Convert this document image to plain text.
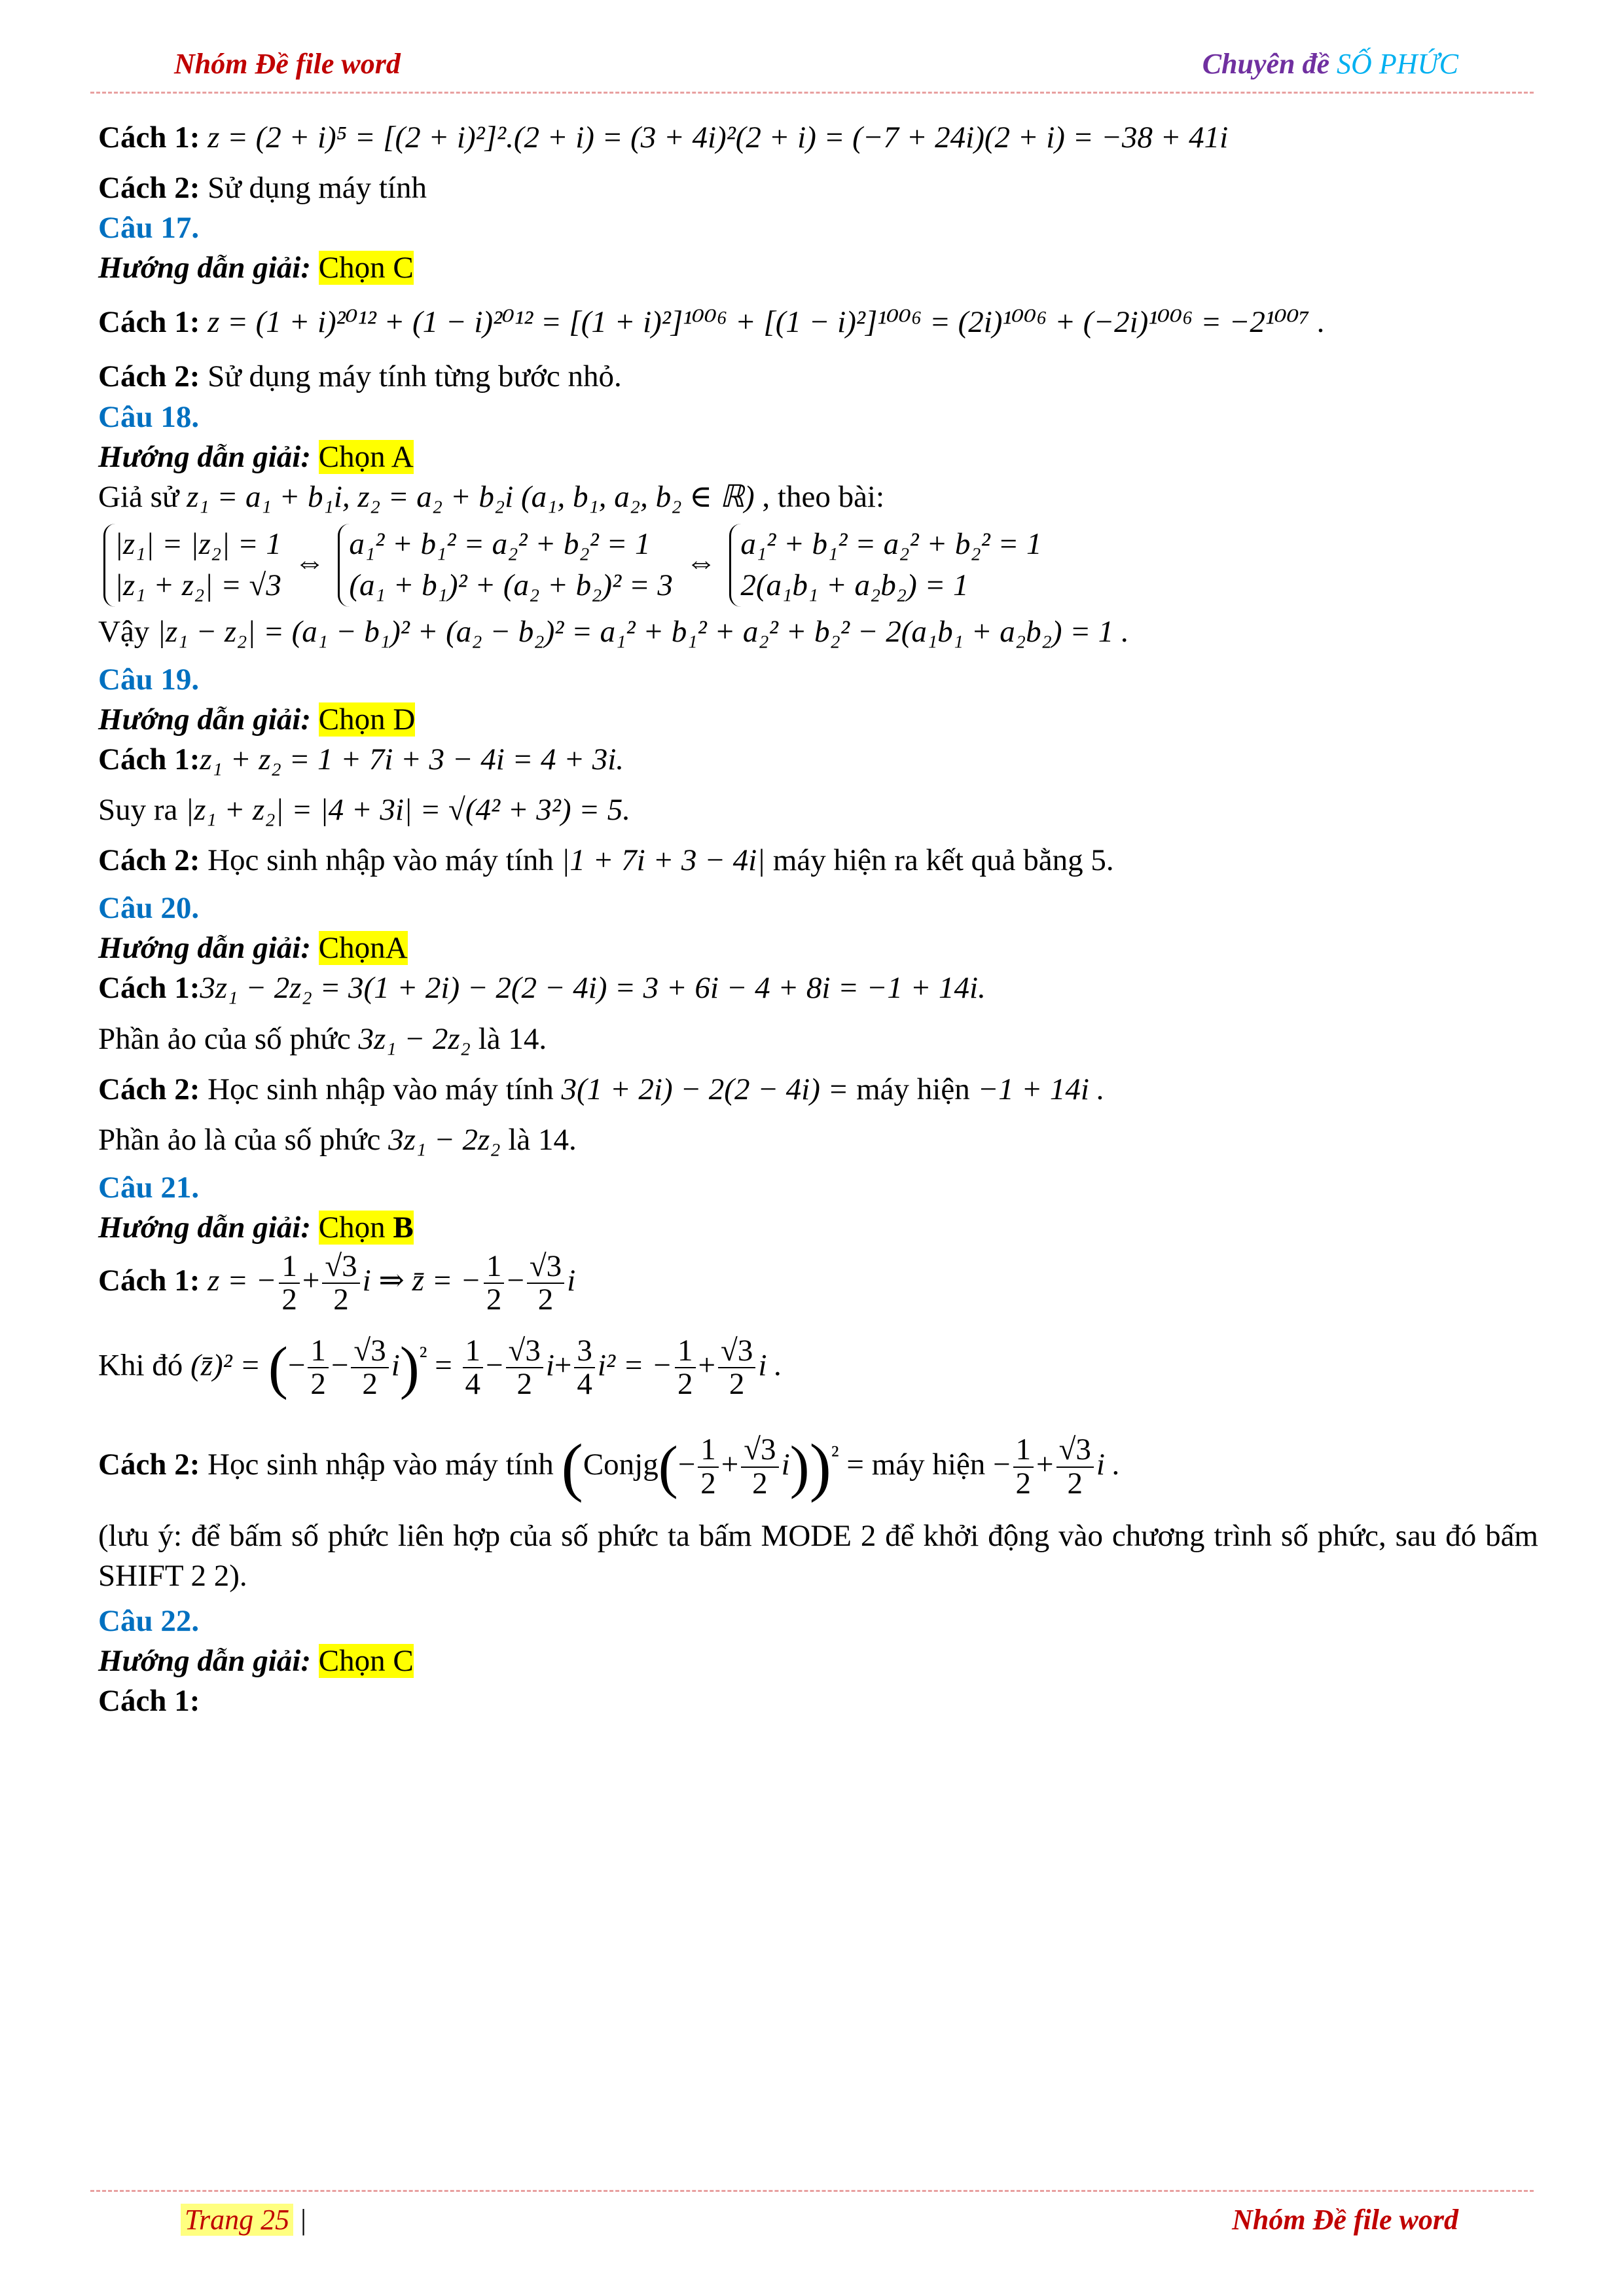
Nhóm Đề file word	Chuyên đề SỐ PHỨC
Cách 1: z = (2 + i)⁵ = [(2 + i)²]².(2 + i) = (3 + 4i)²(2 + i) = (−7 + 24i)(2 + i) = −38 + 41i
Cách 2: Sử dụng máy tính
Câu 17.
Hướng dẫn giải: Chọn C
Cách 1: z = (1 + i)²⁰¹² + (1 − i)²⁰¹² = [(1 + i)²]¹⁰⁰⁶ + [(1 − i)²]¹⁰⁰⁶ = (2i)¹⁰⁰⁶ + (−2i)¹⁰⁰⁶ = −2¹⁰⁰⁷ .
Cách 2: Sử dụng máy tính từng bước nhỏ.
Câu 18.
Hướng dẫn giải: Chọn A
Giả sử z₁ = a₁ + b₁i, z₂ = a₂ + b₂i (a₁, b₁, a₂, b₂ ∈ ℝ) , theo bài:
|z₁| = |z₂| = 1
|z₁ + z₂| = √3 ⇔ a₁² + b₁² = a₂² + b₂² = 1
(a₁ + b₁)² + (a₂ + b₂)² = 3 ⇔ a₁² + b₁² = a₂² + b₂² = 1
2(a₁b₁ + a₂b₂) = 1
Vậy |z₁ − z₂| = (a₁ − b₁)² + (a₂ − b₂)² = a₁² + b₁² + a₂² + b₂² − 2(a₁b₁ + a₂b₂) = 1 .
Câu 19.
Hướng dẫn giải: Chọn D
Cách 1:z₁ + z₂ = 1 + 7i + 3 − 4i = 4 + 3i.
Suy ra |z₁ + z₂| = |4 + 3i| = √(4² + 3²) = 5.
Cách 2: Học sinh nhập vào máy tính |1 + 7i + 3 − 4i| máy hiện ra kết quả bằng 5.
Câu 20.
Hướng dẫn giải: ChọnA
Cách 1:3z₁ − 2z₂ = 3(1 + 2i) − 2(2 − 4i) = 3 + 6i − 4 + 8i = −1 + 14i.
Phần ảo của số phức 3z₁ − 2z₂ là 14.
Cách 2: Học sinh nhập vào máy tính 3(1 + 2i) − 2(2 − 4i) = máy hiện −1 + 14i .
Phần ảo là của số phức 3z₁ − 2z₂ là 14.
Câu 21.
Hướng dẫn giải: Chọn B
Cách 1: z = − $\frac{1}{2} + \frac{√3}{2}$ i ⇒ z̄ = − $\frac{1}{2} - \frac{√3}{2}$ i
Khi đó (z̄)² = (− $\frac{1}{2} - \frac{√3}{2} i)^{^2} = \frac{1}{4} - \frac{√3}{2} i+ \frac{3}{4} i^2$ = − $\frac{1}{2} + \frac{√3}{2}$ i .
Cách 2: Học sinh nhập vào máy tính (Conjg(− $\frac{1}{2} + \frac{√3}{2} i))^{^2}$ = máy hiện − $\frac{1}{2} + \frac{√3}{2}$ i .
(lưu ý: để bấm số phức liên hợp của số phức ta bấm MODE 2 để khởi động vào chương trình số phức, sau đó bấm SHIFT 2 2).
Câu 22.
Hướng dẫn giải: Chọn C
Cách 1:
Trang 25 |	Nhóm Đề file word
